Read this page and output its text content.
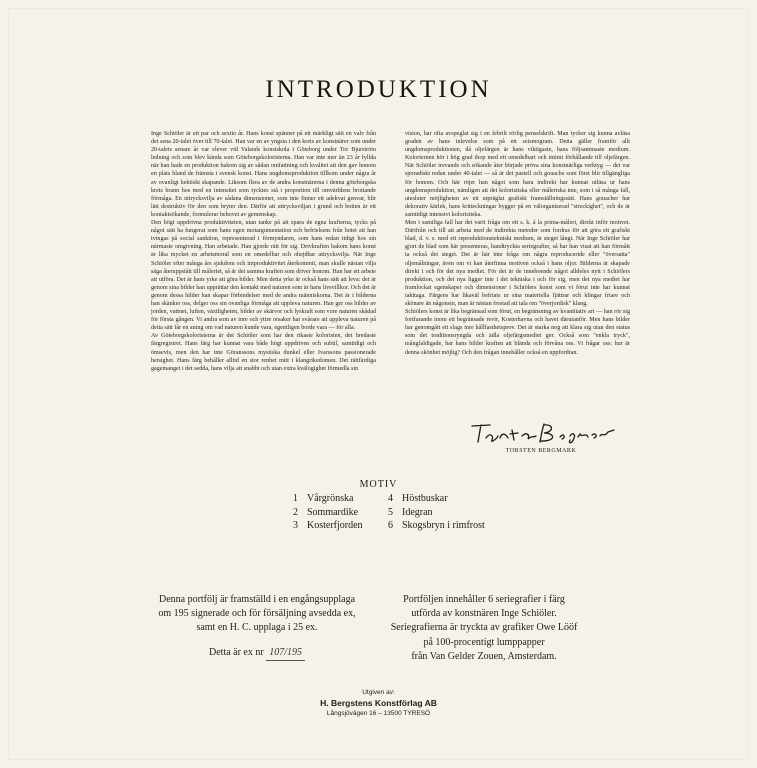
INTRODUKTION

Inge Schiöler är ett par och sextio år. Hans konst spänner på ett märkligt sätt en valv från det sena 20-talet över till 70-talet. Han var en av yngsta i den krets av konstnärer som under 20-talets senare år var elever vid Valands konstskola i Göteborg under Tor Bjurström ledning och som blev kända som Göteborgskoloristerna. Han var inte mer än 23 år fyllda när han hade en produktion bakom sig av sådan omfattning och kvalitet att den gav honom en plats bland de främsta i svensk konst. Hans ungdomsproduktion tillkom under några år av ovanligt hektiskt skapande. Liksom flera av de andra konstnärerna i denna göteborgska krets brann hos med en intensitet som tycktes stå i proportion till omvärldens brottande förmåga. En uttrycksvilja av sådana dimensioner, som inte finner ett adekvat genvar, blir lätt destruktiv för den som bryter den. Därför att uttrycksviljan i grund och botten är ett kontaktsökande, formulerar behovet av gemenskap.

Den högt uppdrivna produktiviteten, utan tanke på att spara de egna krafterna, tycks på något sätt ha fungerat som hans egen motargumentation och befrielsens från hotet att han tvingas på social sanktion, representerad i förmyndaren, som hans redan tidigt hos sin närmaste omgivning. Han arbetade. Han gjorde rätt för sig. Drivkraften bakom hans konst är lika mycket en arbetsmoral som en omedelbar och ohejdbar uttrycksvilja. När Inge Schiöler efter många års sjukdom och improduktivitet återkommit, man skulle nästan vilja säga återuppstått till måleriet, så är det samma kraften som driver honom. Han har ett arbete att utföra. Det är hans yrke att göra bilder. Men detta yrke är också hans sätt att leva: det är genom sina bilder han upprättar den kontakt med naturen som är hans livsvillkor. Och det är genom dessa bilder han skapar förbindelser med de andra människorna. Det är i bilderna han skänker oss, delger oss sin ovanliga förmåga att uppleva naturen. Han ger oss bilder av jorden, vattnet, luften, växtligheten, bilder av skärvor och lyskraft som vore naturen skådad för första gången. Vi andra som av inre och yttre orsaker har svårare att uppleva naturen på detta sätt får en aning om vad naturen kunde vara, egentligen borde vara — för alla.

Av Göteborgskoloristerna är det Schiöler som har den rikaste koloristen, det bredaste färgregistret. Hans färg har kunnat vara både högt uppdriven och subtil, samtidigt och ömsevis, men den har inte Göranssons mystiska dunkel eller Ivarssons passionerade hetsighet. Hans färg behåller alltid en stor renhet mitt i klangrikedomen. Det rättfärdiga gagemanget i det sedda, hans vilja att snabbt och utan extra kvälogighet förmedla sin

vision, har ofta avspeglat sig i en febrilt rörlig penselskrift. Man tycker sig kunna avläsa graden av hans inlevelse som på ett seismogram. Detta gäller framför allt ungdomsproduktionen, då oljefärgen är hans viktigaste, hans följsammaste medium. Koloriernen hör i hög grad ihop med ett omedelbart och intimt förhållande till oljefärgen. När Schiöler trevande och sökande åter började pröva sina konstnärliga verktyg — det var sporadiskt redan under 40-talet — så är det pastell och gouache som först blir tillgängliga för honom. Och här röjer han något som bara indirekt har kunnat utläsa ur hans ungdomsproduktion, nämligen att det koloristiska eller måleriska inte, som i så många fall, utesluter möjligheten av ett utpräglat grafiskt framställningssätt. Hans gouacher har dekorativ kärlek, hans kritteckningar bygger på en välorganiserad "streckighet", och de är samtidigt intensivt koloristiska.

Men i samtliga fall har det varit fråga om ett s. k. å la prima-måleri, direkt inför motivet. Därifrån och till att arbeta med de indirekta metoder som fordras för att göra ett grafiskt blad, d. v. s. med ett reproduktionstekniskt medium, är steget långt. När Inge Schiöler har gjort de blad som här presenteras, handtryckta seriegrafier, så har han visat att han förmått ta också det steget. Det är här inte fråga om några reproduceride eller "översatta" oljemålningar, även om vi kan återfinna motiven också i hans oljor. Bilderna är skapade direkt i och för det nya mediet. För det är de inneboende något alldeles nytt i Schiölers produktion, och det nya ligger inte i det tekniska i och för sig, men det nya mediet har framlockat egenskaper och dimensioner i Schiölers konst som vi förut inte har kunnat iakttaga. Färgens har likaväl befriats ur sina materiella fjättrar och klingar friare och skönare än någonsin, man är nästan frestad att tala om "överjordisk" klang.

Schiölers konst är lika begränsad som förut, en begränsning av kvantitativ art — han rör sig fortfarande inom ett begränsade revir, Kosterhavna och havet därutanför. Men hans bilder har genomgått ett slags inre hållfasthetsprov. Det är starka nog att klara sig utan den status som det traditionsryngda och ädla oljefärgsmediet ger. Också som "enkla tryck", mångfaldigade, har hans bilder kraften att blända och förvåna oss. Vi frågar oss: hur är denna skönhet möjlig? Och den frågan innehåller också en uppfordran.

TORSTEN BERGMARK
MOTIV
1 Vårgrönska
2 Sommardike
3 Kosterfjorden
4 Höstbuskar
5 Idegran
6 Skogsbryn i rimfrost
Denna portfölj är framställd i en engångsupplaga
om 195 signerade och för försäljning avsedda ex,
samt en H. C. upplaga i 25 ex.
Detta är ex nr 107/195
Portföljen innehåller 6 seriegrafier i färg
utförda av konstnären Inge Schiöler.
Seriegrafierna är tryckta av grafiker Owe Lööf
på 100-procentigt lumppapper
från Van Gelder Zouen, Amsterdam.
Utgiven av:
H. Bergstens Konstförlag AB
Långsjövägen 16 – 13500 TYRESÖ
